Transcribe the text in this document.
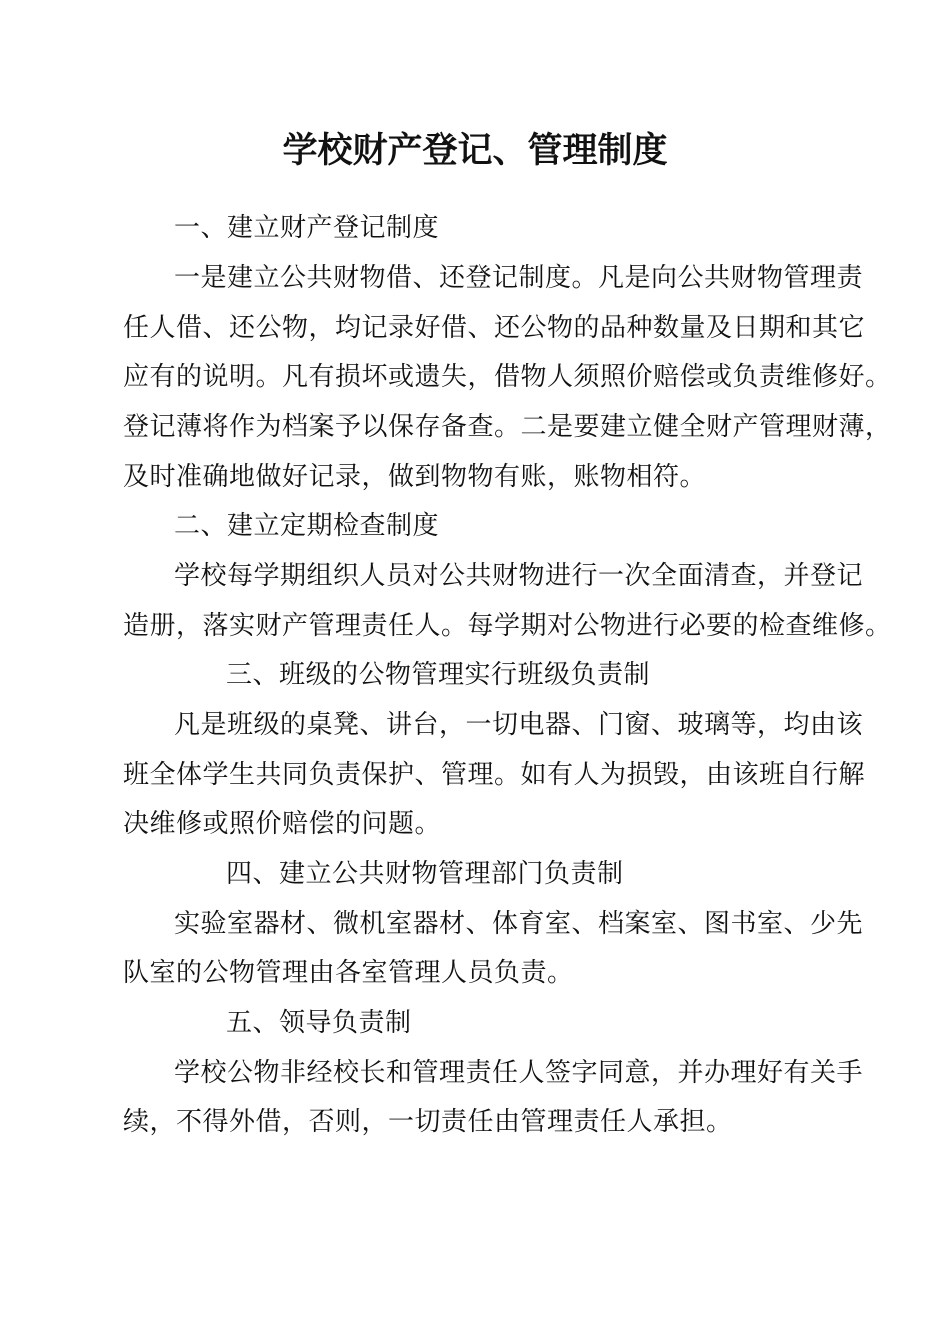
学校财产登记、管理制度

一、建立财产登记制度

一是建立公共财物借、还登记制度。凡是向公共财物管理责

任人借、还公物，均记录好借、还公物的品种数量及日期和其它

应有的说明。凡有损坏或遗失，借物人须照价赔偿或负责维修好。

登记薄将作为档案予以保存备查。二是要建立健全财产管理财薄，

及时准确地做好记录，做到物物有账，账物相符。

二、建立定期检查制度

学校每学期组织人员对公共财物进行一次全面清查，并登记

造册，落实财产管理责任人。每学期对公物进行必要的检查维修。

三、班级的公物管理实行班级负责制

凡是班级的桌凳、讲台，一切电器、门窗、玻璃等，均由该

班全体学生共同负责保护、管理。如有人为损毁，由该班自行解

决维修或照价赔偿的问题。

四、建立公共财物管理部门负责制

实验室器材、微机室器材、体育室、档案室、图书室、少先

队室的公物管理由各室管理人员负责。

五、领导负责制

学校公物非经校长和管理责任人签字同意，并办理好有关手

续，不得外借，否则，一切责任由管理责任人承担。
